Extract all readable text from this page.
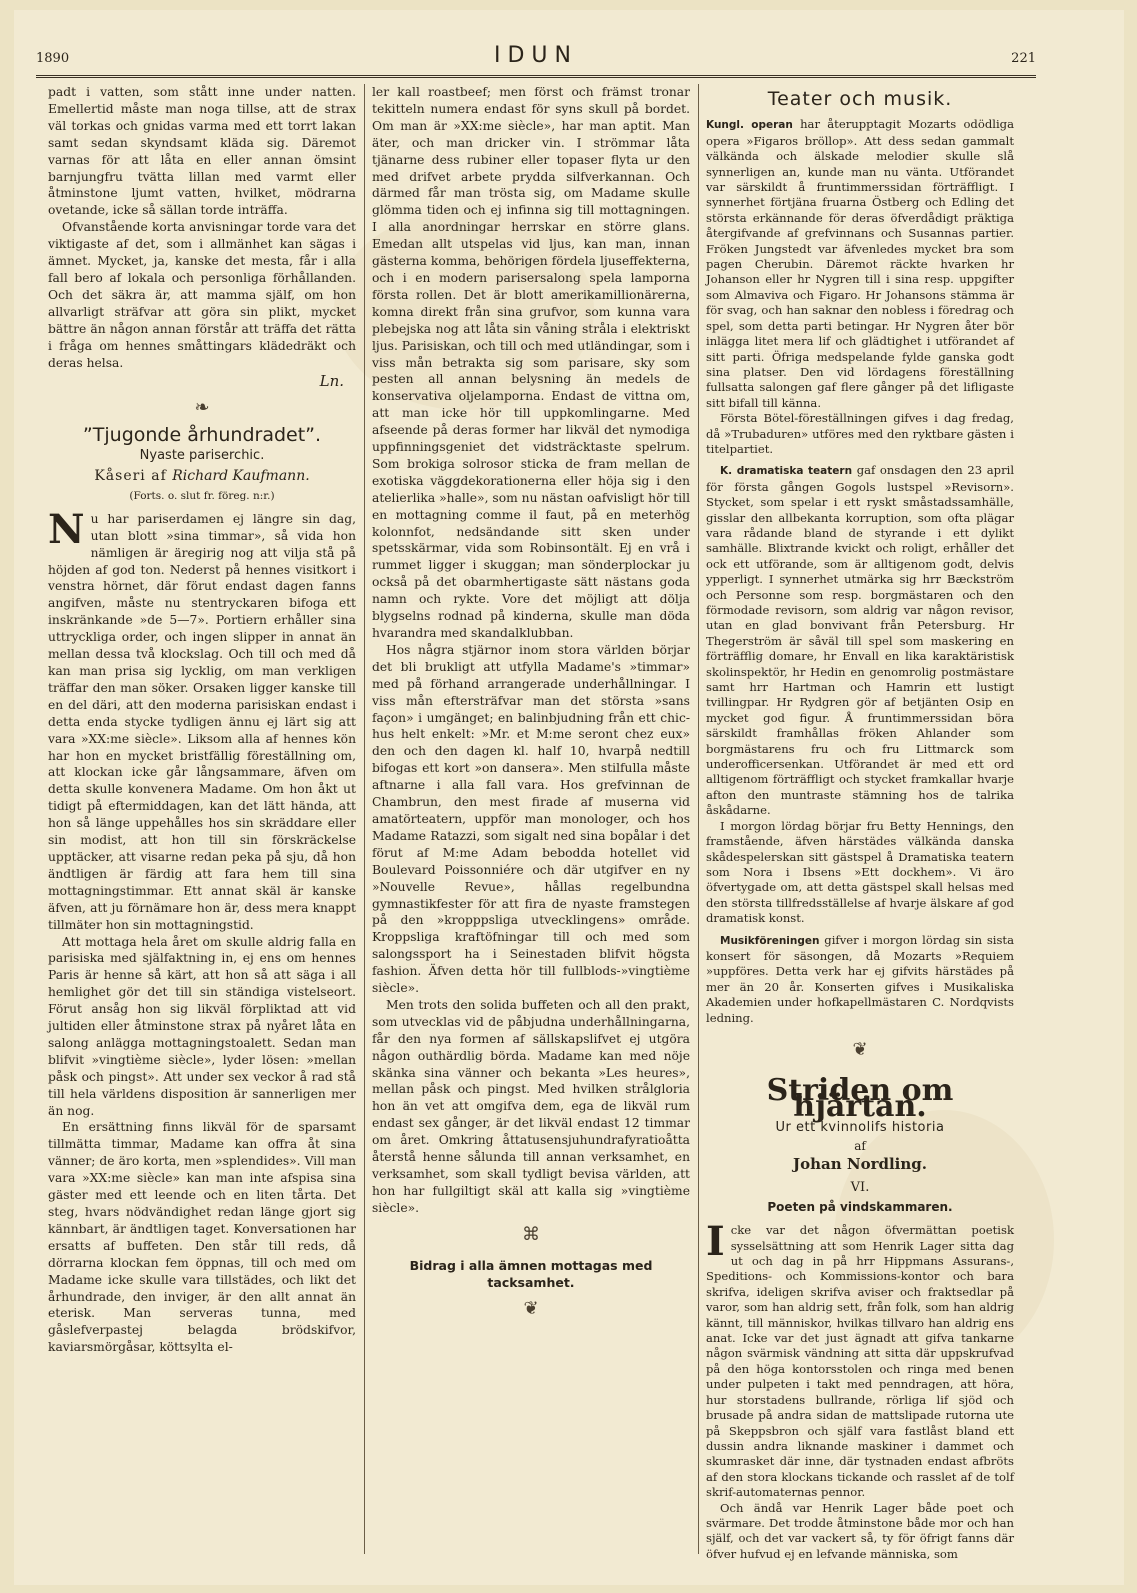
1890	IDUN	221

padt i vatten, som stått inne under natten. Emellertid måste man noga tillse, att de strax väl torkas och gnidas varma med ett torrt lakan samt sedan skyndsamt kläda sig. Däremot varnas för att låta en eller annan ömsint barnjungfru tvätta lillan med varmt eller åtminstone ljumt vatten, hvilket, mödrarna ovetande, icke så sällan torde inträffa.

Ofvanstående korta anvisningar torde vara det viktigaste af det, som i allmänhet kan sägas i ämnet. Mycket, ja, kanske det mesta, får i alla fall bero af lokala och personliga förhållanden. Och det säkra är, att mamma själf, om hon allvarligt sträfvar att göra sin plikt, mycket bättre än någon annan förstår att träffa det rätta i fråga om hennes småttingars klädedräkt och deras helsa.

Ln.
❧
”Tjugonde århundradet”.
Nyaste pariserchic.
Kåseri af Richard Kaufmann.
(Forts. o. slut fr. föreg. n:r.)

Nu har pariserdamen ej längre sin dag, utan blott »sina timmar», så vida hon nämligen är äregirig nog att vilja stå på höjden af god ton. Nederst på hennes visitkort i venstra hörnet, där förut endast dagen fanns angifven, måste nu stentryckaren bifoga ett inskränkande »de 5—7». Portiern erhåller sina uttryckliga order, och ingen slipper in annat än mellan dessa två klockslag. Och till och med då kan man prisa sig lycklig, om man verkligen träffar den man söker. Orsaken ligger kanske till en del däri, att den moderna parisiskan endast i detta enda stycke tydligen ännu ej lärt sig att vara »XX:me siècle». Liksom alla af hennes kön har hon en mycket bristfällig föreställning om, att klockan icke går långsammare, äfven om detta skulle konvenera Madame. Om hon åkt ut tidigt på eftermiddagen, kan det lätt hända, att hon så länge uppehålles hos sin skräddare eller sin modist, att hon till sin förskräckelse upptäcker, att visarne redan peka på sju, då hon ändtligen är färdig att fara hem till sina mottagningstimmar. Ett annat skäl är kanske äfven, att ju förnämare hon är, dess mera knappt tillmäter hon sin mottagningstid.

Att mottaga hela året om skulle aldrig falla en parisiska med själfaktning in, ej ens om hennes Paris är henne så kärt, att hon så att säga i all hemlighet gör det till sin ständiga vistelseort. Förut ansåg hon sig likväl förpliktad att vid jultiden eller åtminstone strax på nyåret låta en salong anlägga mottagningstoalett. Sedan man blifvit »vingtième siècle», lyder lösen: »mellan påsk och pingst». Att under sex veckor å rad stå till hela världens disposition är sannerligen mer än nog.

En ersättning finns likväl för de sparsamt tillmätta timmar, Madame kan offra åt sina vänner; de äro korta, men »splendides». Vill man vara »XX:me siècle» kan man inte afspisa sina gäster med ett leende och en liten tårta. Det steg, hvars nödvändighet redan länge gjort sig kännbart, är ändtligen taget. Konversationen har ersatts af buffeten. Den står till reds, då dörrarna klockan fem öppnas, till och med om Madame icke skulle vara tillstädes, och likt det århundrade, den inviger, är den allt annat än eterisk. Man serveras tunna, med gåslefverpastej belagda brödskifvor, kaviarsmörgåsar, köttsylta el-

ler kall roastbeef; men först och främst tronar tekitteln numera endast för syns skull på bordet. Om man är »XX:me siècle», har man aptit. Man äter, och man dricker vin. I strömmar låta tjänarne dess rubiner eller topaser flyta ur den med drifvet arbete prydda silfverkannan. Och därmed får man trösta sig, om Madame skulle glömma tiden och ej infinna sig till mottagningen. I alla anordningar herrskar en större glans. Emedan allt utspelas vid ljus, kan man, innan gästerna komma, behörigen fördela ljuseffekterna, och i en modern parisersalong spela lamporna första rollen. Det är blott amerikamillionärerna, komna direkt från sina grufvor, som kunna vara plebejska nog att låta sin våning stråla i elektriskt ljus. Parisiskan, och till och med utländingar, som i viss mån betrakta sig som parisare, sky som pesten all annan belysning än medels de konservativa oljelamporna. Endast de vittna om, att man icke hör till uppkomlingarne. Med afseende på deras former har likväl det nymodiga uppfinningsgeniet det vidsträcktaste spelrum. Som brokiga solrosor sticka de fram mellan de exotiska väggdekorationerna eller höja sig i den atelierlika »halle», som nu nästan oafvisligt hör till en mottagning comme il faut, på en meterhög kolonnfot, nedsändande sitt sken under spetsskärmar, vida som Robinsontält. Ej en vrå i rummet ligger i skuggan; man sönderplockar ju också på det obarmhertigaste sätt nästans goda namn och rykte. Vore det möjligt att dölja blygselns rodnad på kinderna, skulle man döda hvarandra med skandalklubban.

Hos några stjärnor inom stora världen börjar det bli brukligt att utfylla Madame's »timmar» med på förhand arrangerade underhållningar. I viss mån eftersträfvar man det största »sans façon» i umgänget; en balinbjudning från ett chic-hus helt enkelt: »Mr. et M:me seront chez eux» den och den dagen kl. half 10, hvarpå nedtill bifogas ett kort »on dansera». Men stilfulla måste aftnarne i alla fall vara. Hos grefvinnan de Chambrun, den mest firade af muserna vid amatörteatern, uppför man monologer, och hos Madame Ratazzi, som sigalt ned sina bopålar i det förut af M:me Adam bebodda hotellet vid Boulevard Poissonniére och där utgifver en ny »Nouvelle Revue», hållas regelbundna gymnastikfester för att fira de nyaste framstegen på den »kropppsliga utvecklingens» område. Kroppsliga kraftöfningar till och med som salongssport ha i Seinestaden blifvit högsta fashion. Äfven detta hör till fullblods-»vingtième siècle».

Men trots den solida buffeten och all den prakt, som utvecklas vid de påbjudna underhållningarna, får den nya formen af sällskapslifvet ej utgöra någon outhärdlig börda. Madame kan med nöje skänka sina vänner och bekanta »Les heures», mellan påsk och pingst. Med hvilken strålgloria hon än vet att omgifva dem, ega de likväl rum endast sex gånger, är det likväl endast 12 timmar om året. Omkring åttatusensjuhundrafyratioåtta återstå henne sålunda till annan verksamhet, en verksamhet, som skall tydligt bevisa världen, att hon har fullgiltigt skäl att kalla sig »vingtième siècle».

⌘
Bidrag i alla ämnen mottagas med tacksamhet.
❦
Teater och musik.

Kungl. operan har återupptagit Mozarts odödliga opera »Figaros bröllop». Att dess sedan gammalt välkända och älskade melodier skulle slå synnerligen an, kunde man nu vänta. Utförandet var särskildt å fruntimmerssidan förträffligt. I synnerhet förtjäna fruarna Östberg och Edling det största erkännande för deras öfverdådigt präktiga återgifvande af grefvinnans och Susannas partier. Fröken Jungstedt var äfvenledes mycket bra som pagen Cherubin. Däremot räckte hvarken hr Johanson eller hr Nygren till i sina resp. uppgifter som Almaviva och Figaro. Hr Johansons stämma är för svag, och han saknar den nobless i föredrag och spel, som detta parti betingar. Hr Nygren åter bör inlägga litet mera lif och glädtighet i utförandet af sitt parti. Öfriga medspelande fylde ganska godt sina platser. Den vid lördagens föreställning fullsatta salongen gaf flere gånger på det lifligaste sitt bifall till känna.

Första Bötel-föreställningen gifves i dag fredag, då »Trubaduren» utföres med den ryktbare gästen i titelpartiet.

K. dramatiska teatern gaf onsdagen den 23 april för första gången Gogols lustspel »Revisorn». Stycket, som spelar i ett ryskt småstadssamhälle, gisslar den allbekanta korruption, som ofta plägar vara rådande bland de styrande i ett dylikt samhälle. Blixtrande kvickt och roligt, erhåller det ock ett utförande, som är alltigenom godt, delvis ypperligt. I synnerhet utmärka sig hrr Bæckström och Personne som resp. borgmästaren och den förmodade revisorn, som aldrig var någon revisor, utan en glad bonvivant från Petersburg. Hr Thegerström är såväl till spel som maskering en förträfflig domare, hr Envall en lika karaktäristisk skolinspektör, hr Hedin en genomrolig postmästare samt hrr Hartman och Hamrin ett lustigt tvillingpar. Hr Rydgren gör af betjänten Osip en mycket god figur. Å fruntimmerssidan böra särskildt framhållas fröken Ahlander som borgmästarens fru och fru Littmarck som underofficersenkan. Utförandet är med ett ord alltigenom förträffligt och stycket framkallar hvarje afton den muntraste stämning hos de talrika åskådarne.

I morgon lördag börjar fru Betty Hennings, den framstående, äfven härstädes välkända danska skådespelerskan sitt gästspel å Dramatiska teatern som Nora i Ibsens »Ett dockhem». Vi äro öfvertygade om, att detta gästspel skall helsas med den största tillfredsställelse af hvarje älskare af god dramatisk konst.

Musikföreningen gifver i morgon lördag sin sista konsert för säsongen, då Mozarts »Requiem »uppföres. Detta verk har ej gifvits härstädes på mer än 20 år. Konserten gifves i Musikaliska Akademien under hofkapellmästaren C. Nordqvists ledning.

❦
Striden om hjärtan.
Ur ett kvinnolifs historia
af
Johan Nordling.
VI.
Poeten på vindskammaren.

Icke var det någon öfvermättan poetisk sysselsättning att som Henrik Lager sitta dag ut och dag in på hrr Hippmans Assurans-, Speditions- och Kommissions-kontor och bara skrifva, ideligen skrifva aviser och fraktsedlar på varor, som han aldrig sett, från folk, som han aldrig kännt, till människor, hvilkas tillvaro han aldrig ens anat. Icke var det just ägnadt att gifva tankarne någon svärmisk vändning att sitta där uppskrufvad på den höga kontorsstolen och ringa med benen under pulpeten i takt med penndragen, att höra, hur storstadens bullrande, rörliga lif sjöd och brusade på andra sidan de mattslipade rutorna ute på Skeppsbron och själf vara fastlåst bland ett dussin andra liknande maskiner i dammet och skumrasket där inne, där tystnaden endast afbröts af den stora klockans tickande och rasslet af de tolf skrif-automaternas pennor.

Och ändå var Henrik Lager både poet och svärmare. Det trodde åtminstone både mor och han själf, och det var vackert så, ty för öfrigt fanns där öfver hufvud ej en lefvande människa, som
